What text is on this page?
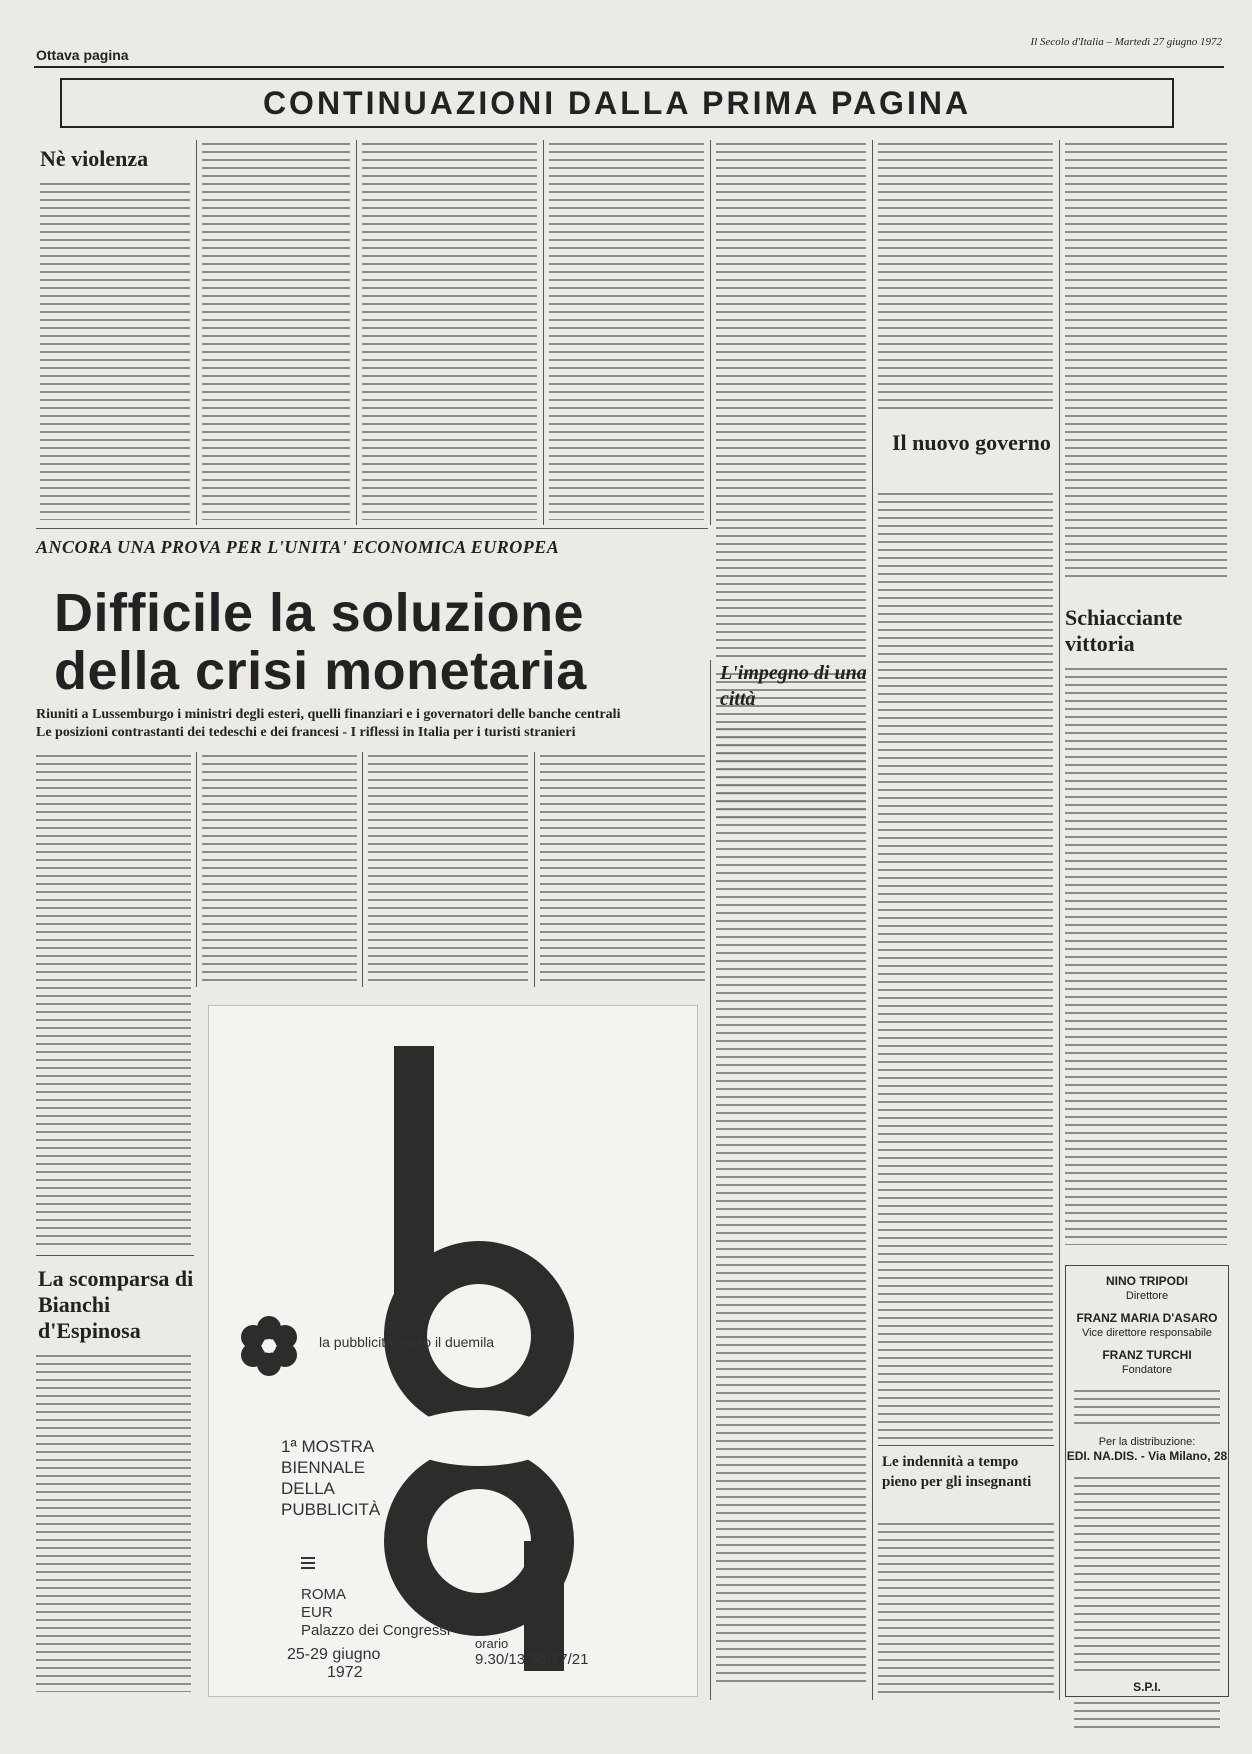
Ottava pagina
Il Secolo d'Italia – Martedì 27 giugno 1972
CONTINUAZIONI DALLA PRIMA PAGINA
Nè violenza
Il nuovo governo
Schiacciante vittoria
NINO TRIPODI
Direttore
FRANZ MARIA D'ASARO
Vice direttore responsabile
FRANZ TURCHI
Fondatore
Per la distribuzione:
EDI. NA.DIS. - Via Milano, 28
S.P.I.
ANCORA UNA PROVA PER L'UNITA' ECONOMICA EUROPEA
Difficile la soluzione
della crisi monetaria
Riuniti a Lussemburgo i ministri degli esteri, quelli finanziari e i governatori delle banche centrali
Le posizioni contrastanti dei tedeschi e dei francesi - I riflessi in Italia per i turisti stranieri
L'impegno di una città
La scomparsa di Bianchi d'Espinosa
Le indennità a tempo pieno per gli insegnanti
la pubblicità verso il duemila
1ª MOSTRA
BIENNALE
DELLA
PUBBLICITÀ
ROMA
EUR
Palazzo dei Congressi
25-29 giugno
1972
orario
9.30/13.30-17/21
